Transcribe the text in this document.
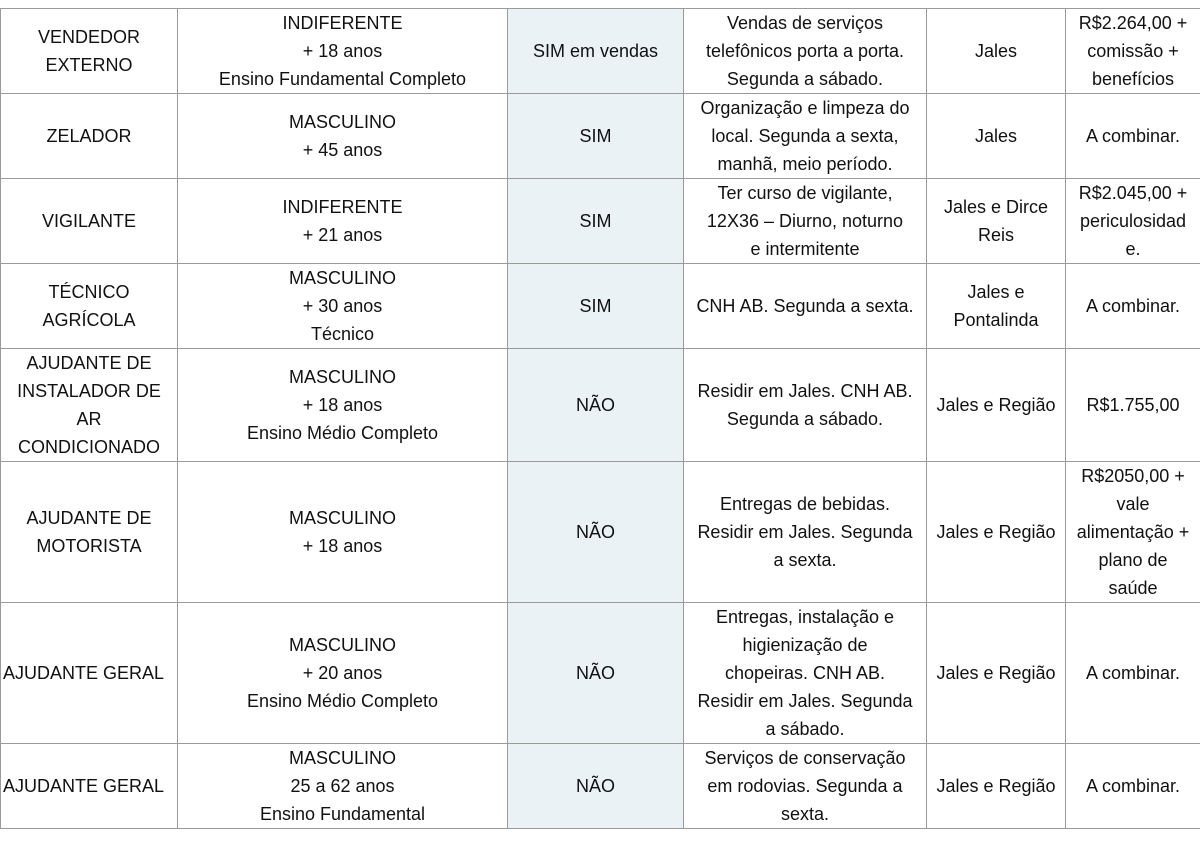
VENDEDOR
EXTERNO	INDIFERENTE
+ 18 anos
Ensino Fundamental Completo	SIM em vendas	Vendas de serviços
telefônicos porta a porta.
Segunda a sábado.	Jales	R$2.264,00 +
comissão +
benefícios

ZELADOR	MASCULINO
+ 45 anos	SIM	Organização e limpeza do
local. Segunda a sexta,
manhã, meio período.	Jales	A combinar.

VIGILANTE	INDIFERENTE
+ 21 anos	SIM	Ter curso de vigilante,
12X36 – Diurno, noturno
e intermitente	Jales e Dirce
Reis	R$2.045,00 +
periculosidad
e.

TÉCNICO
AGRÍCOLA	MASCULINO
+ 30 anos
Técnico	SIM	CNH AB. Segunda a sexta.	Jales e
Pontalinda	A combinar.

AJUDANTE DE
INSTALADOR DE
AR
CONDICIONADO	MASCULINO
+ 18 anos
Ensino Médio Completo	NÃO	Residir em Jales. CNH AB.
Segunda a sábado.	Jales e Região	R$1.755,00

AJUDANTE DE
MOTORISTA	MASCULINO
+ 18 anos	NÃO	Entregas de bebidas.
Residir em Jales. Segunda
a sexta.	Jales e Região	R$2050,00 +
vale
alimentação +
plano de
saúde

AJUDANTE GERAL	MASCULINO
+ 20 anos
Ensino Médio Completo	NÃO	Entregas, instalação e
higienização de
chopeiras. CNH AB.
Residir em Jales. Segunda
a sábado.	Jales e Região	A combinar.

AJUDANTE GERAL	MASCULINO
25 a 62 anos
Ensino Fundamental	NÃO	Serviços de conservação
em rodovias. Segunda a
sexta.	Jales e Região	A combinar.
